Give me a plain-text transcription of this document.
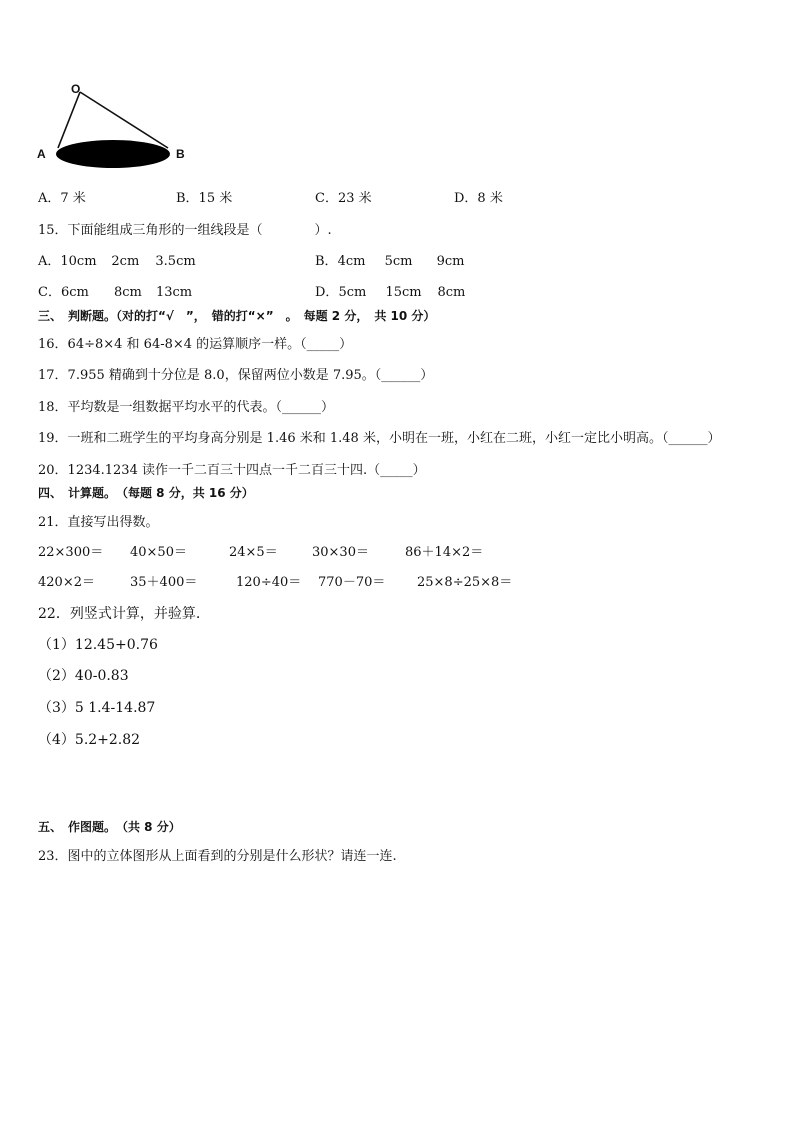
O
A	B
A．7 米	B．15 米	C．23 米	D．8 米
15．下面能组成三角形的一组线段是（　　　　）.
A．10cm 2cm 3.5cm	B．4cm 5cm 9cm
C．6cm 8cm 13cm	D．5cm 15cm 8cm
三、　判断题。（对的打“√　”，　错的打“×”　。　每题 2 分，　共 10 分）
16．64÷8×4 和 64-8×4 的运算顺序一样。（_____）
17．7.955 精确到十分位是 8.0，保留两位小数是 7.95。（______）
18．平均数是一组数据平均水平的代表。（______）
19．一班和二班学生的平均身高分别是 1.46 米和 1.48 米，小明在一班，小红在二班，小红一定比小明高。（______）
20．1234.1234 读作一千二百三十四点一千二百三十四.（_____）
四、　计算题。　（每题 8 分，共 16 分）
21．直接写出得数。
22×300＝ 40×50＝	24×5＝	30×30＝	86＋14×2＝
420×2＝	35＋400＝	120÷40＝ 770－70＝ 25×8÷25×8＝
22．列竖式计算，并验算.
（1）12.45+0.76
（2）40-0.83
（3）5 1.4-14.87
（4）5.2+2.82
五、　作图题。　（共 8 分）
23．图中的立体图形从上面看到的分别是什么形状？请连一连.
